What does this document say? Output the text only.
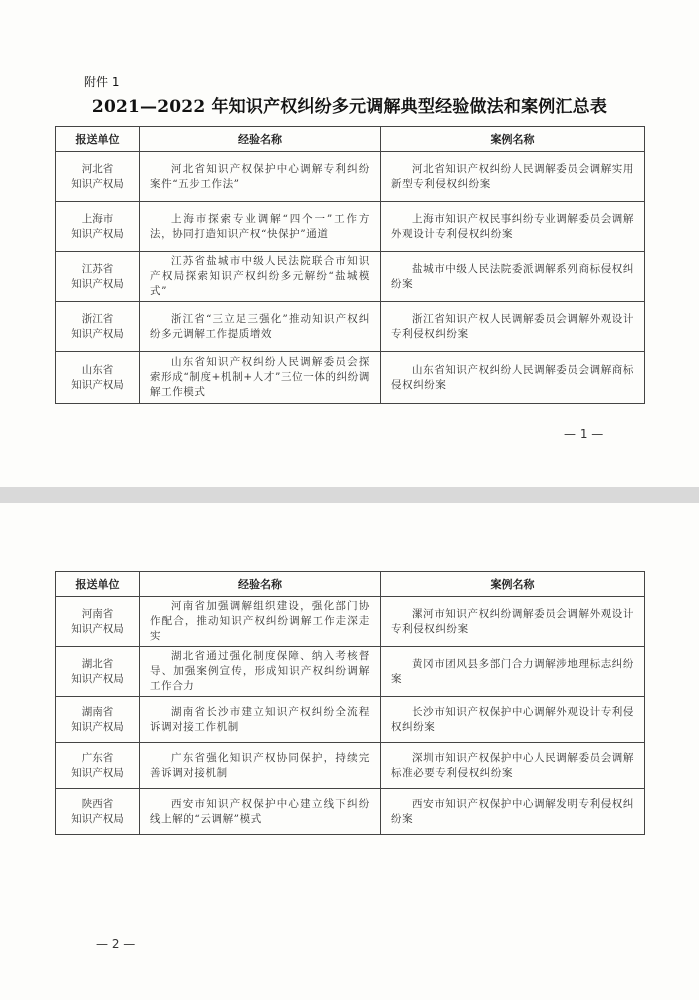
附件 1
2021—2022 年知识产权纠纷多元调解典型经验做法和案例汇总表
报送单位	经验名称	案例名称

河北省
知识产权局	河北省知识产权保护中心调解专利纠纷案件“五步工作法”	河北省知识产权纠纷人民调解委员会调解实用新型专利侵权纠纷案

上海市
知识产权局	上海市探索专业调解“四个一”工作方法，协同打造知识产权“快保护”通道	上海市知识产权民事纠纷专业调解委员会调解外观设计专利侵权纠纷案

江苏省
知识产权局	江苏省盐城市中级人民法院联合市知识产权局探索知识产权纠纷多元解纷“盐城模式”	盐城市中级人民法院委派调解系列商标侵权纠纷案

浙江省
知识产权局	浙江省“三立足三强化”推动知识产权纠纷多元调解工作提质增效	浙江省知识产权人民调解委员会调解外观设计专利侵权纠纷案

山东省
知识产权局	山东省知识产权纠纷人民调解委员会探索形成“制度+机制+人才”三位一体的纠纷调解工作模式	山东省知识产权纠纷人民调解委员会调解商标侵权纠纷案
— 1 —
报送单位	经验名称	案例名称

河南省
知识产权局	河南省加强调解组织建设，强化部门协作配合，推动知识产权纠纷调解工作走深走实	漯河市知识产权纠纷调解委员会调解外观设计专利侵权纠纷案

湖北省
知识产权局	湖北省通过强化制度保障、纳入考核督导、加强案例宣传，形成知识产权纠纷调解工作合力	黄冈市团风县多部门合力调解涉地理标志纠纷案

湖南省
知识产权局	湖南省长沙市建立知识产权纠纷全流程诉调对接工作机制	长沙市知识产权保护中心调解外观设计专利侵权纠纷案

广东省
知识产权局	广东省强化知识产权协同保护，持续完善诉调对接机制	深圳市知识产权保护中心人民调解委员会调解标准必要专利侵权纠纷案

陕西省
知识产权局	西安市知识产权保护中心建立线下纠纷线上解的“云调解”模式	西安市知识产权保护中心调解发明专利侵权纠纷案
— 2 —
